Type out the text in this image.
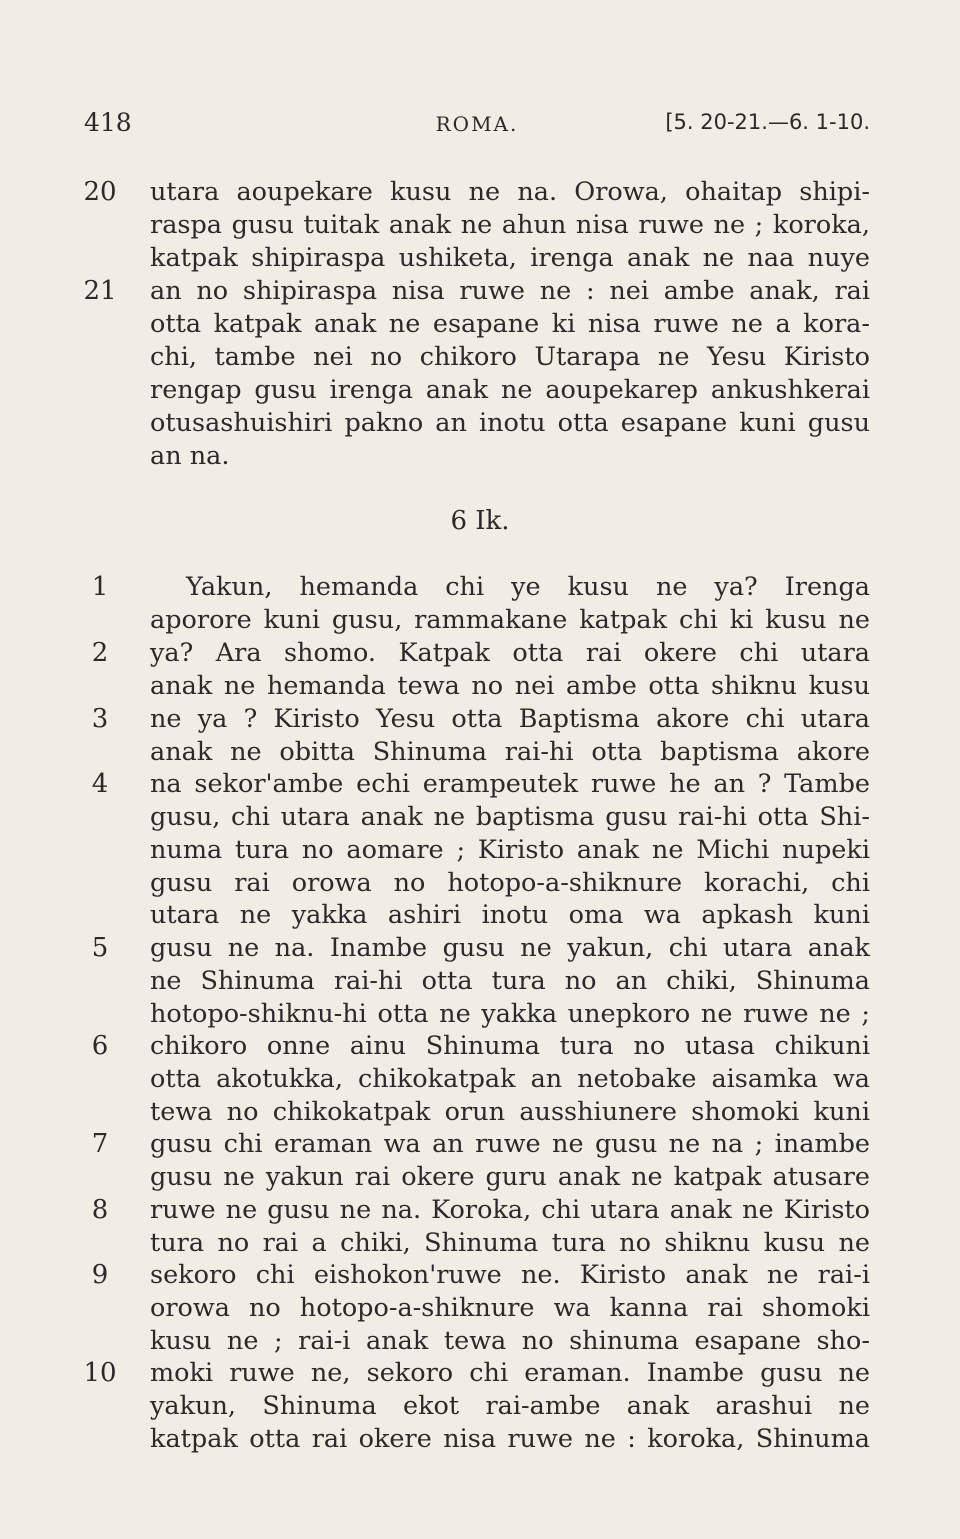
418	ROMA.	[5. 20-21.—6. 1-10.
20
21
1
2
3
4
5
6
7
8
9
10
utara aoupekare kusu ne na. Orowa, ohaitap shipi-
raspa gusu tuitak anak ne ahun nisa ruwe ne ; koroka,
katpak shipiraspa ushiketa, irenga anak ne naa nuye
an no shipiraspa nisa ruwe ne : nei ambe anak, rai
otta katpak anak ne esapane ki nisa ruwe ne a kora-
chi, tambe nei no chikoro Utarapa ne Yesu Kiristo
rengap gusu irenga anak ne aoupekarep ankushkerai
otusashuishiri pakno an inotu otta esapane kuni gusu
an na.
6 Ik.
Yakun, hemanda chi ye kusu ne ya? Irenga
aporore kuni gusu, rammakane katpak chi ki kusu ne
ya? Ara shomo. Katpak otta rai okere chi utara
anak ne hemanda tewa no nei ambe otta shiknu kusu
ne ya ? Kiristo Yesu otta Baptisma akore chi utara
anak ne obitta Shinuma rai-hi otta baptisma akore
na sekor'ambe echi erampeutek ruwe he an ? Tambe
gusu, chi utara anak ne baptisma gusu rai-hi otta Shi-
numa tura no aomare ; Kiristo anak ne Michi nupeki
gusu rai orowa no hotopo-a-shiknure korachi, chi
utara ne yakka ashiri inotu oma wa apkash kuni
gusu ne na. Inambe gusu ne yakun, chi utara anak
ne Shinuma rai-hi otta tura no an chiki, Shinuma
hotopo-shiknu-hi otta ne yakka unepkoro ne ruwe ne ;
chikoro onne ainu Shinuma tura no utasa chikuni
otta akotukka, chikokatpak an netobake aisamka wa
tewa no chikokatpak orun ausshiunere shomoki kuni
gusu chi eraman wa an ruwe ne gusu ne na ; inambe
gusu ne yakun rai okere guru anak ne katpak atusare
ruwe ne gusu ne na. Koroka, chi utara anak ne Kiristo
tura no rai a chiki, Shinuma tura no shiknu kusu ne
sekoro chi eishokon'ruwe ne. Kiristo anak ne rai-i
orowa no hotopo-a-shiknure wa kanna rai shomoki
kusu ne ; rai-i anak tewa no shinuma esapane sho-
moki ruwe ne, sekoro chi eraman. Inambe gusu ne
yakun, Shinuma ekot rai-ambe anak arashui ne
katpak otta rai okere nisa ruwe ne : koroka, Shinuma
